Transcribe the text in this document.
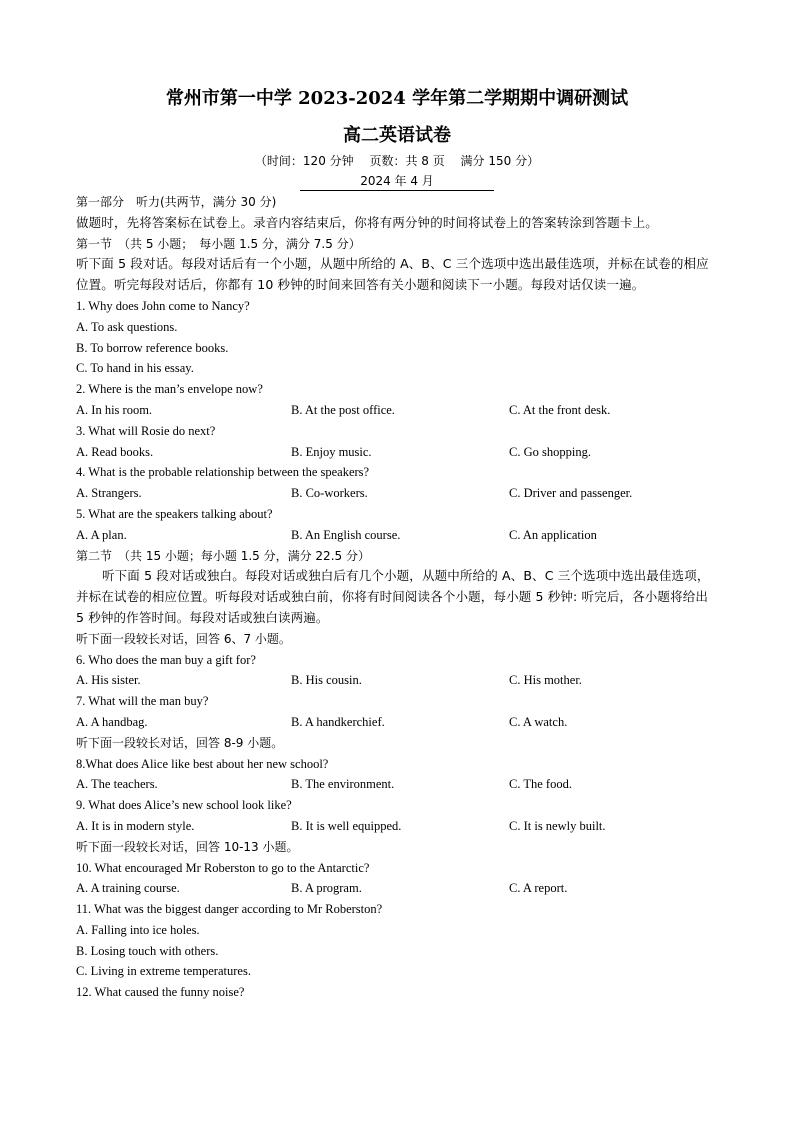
常州市第一中学 2023-2024 学年第二学期期中调研测试
高二英语试卷
（时间：120 分钟　 页数：共 8 页　 满分 150 分）
2024 年 4 月
第一部分　听力(共两节，满分 30 分)
做题时，先将答案标在试卷上。录音内容结束后，你将有两分钟的时间将试卷上的答案转涂到答题卡上。
第一节　（共 5 小题；　每小题 1.5 分，满分 7.5 分）
听下面 5 段对话。每段对话后有一个小题，从题中所给的 A、B、C 三个选项中选出最佳选项，并标在试卷的相应位置。听完每段对话后，你都有 10 秒钟的时间来回答有关小题和阅读下一小题。每段对话仅读一遍。
1. Why does John come to Nancy?
A. To ask questions.
B. To borrow reference books.
C. To hand in his essay.
2. Where is the man’s envelope now?
A. In his room.	B. At the post office.	C. At the front desk.
3. What will Rosie do next?
A. Read books.	B. Enjoy music.	C. Go shopping.
4. What is the probable relationship between the speakers?
A. Strangers.	B. Co-workers.	C. Driver and passenger.
5. What are the speakers talking about?
A. A plan.	B. An English course.	C. An application
第二节　（共 15 小题；每小题 1.5 分，满分 22.5 分）
听下面 5 段对话或独白。每段对话或独白后有几个小题，从题中所给的 A、B、C 三个选项中选出最佳选项，并标在试卷的相应位置。听每段对话或独白前，你将有时间阅读各个小题，每小题 5 秒钟: 听完后，各小题将给出 5 秒钟的作答时间。每段对话或独白读两遍。
听下面一段较长对话，回答 6、7 小题。
6. Who does the man buy a gift for?
A. His sister.	B. His cousin.	C. His mother.
7. What will the man buy?
A. A handbag.	B. A handkerchief.	C. A watch.
听下面一段较长对话，回答 8-9 小题。
8.What does Alice like best about her new school?
A. The teachers.	B. The environment.	C. The food.
9. What does Alice’s new school look like?
A. It is in modern style.	B. It is well equipped.	C. It is newly built.
听下面一段较长对话，回答 10-13 小题。
10. What encouraged Mr Roberston to go to the Antarctic?
A. A training course.	B. A program.	C. A report.
11. What was the biggest danger according to Mr Roberston?
A. Falling into ice holes.
B. Losing touch with others.
C. Living in extreme temperatures.
12. What caused the funny noise?
